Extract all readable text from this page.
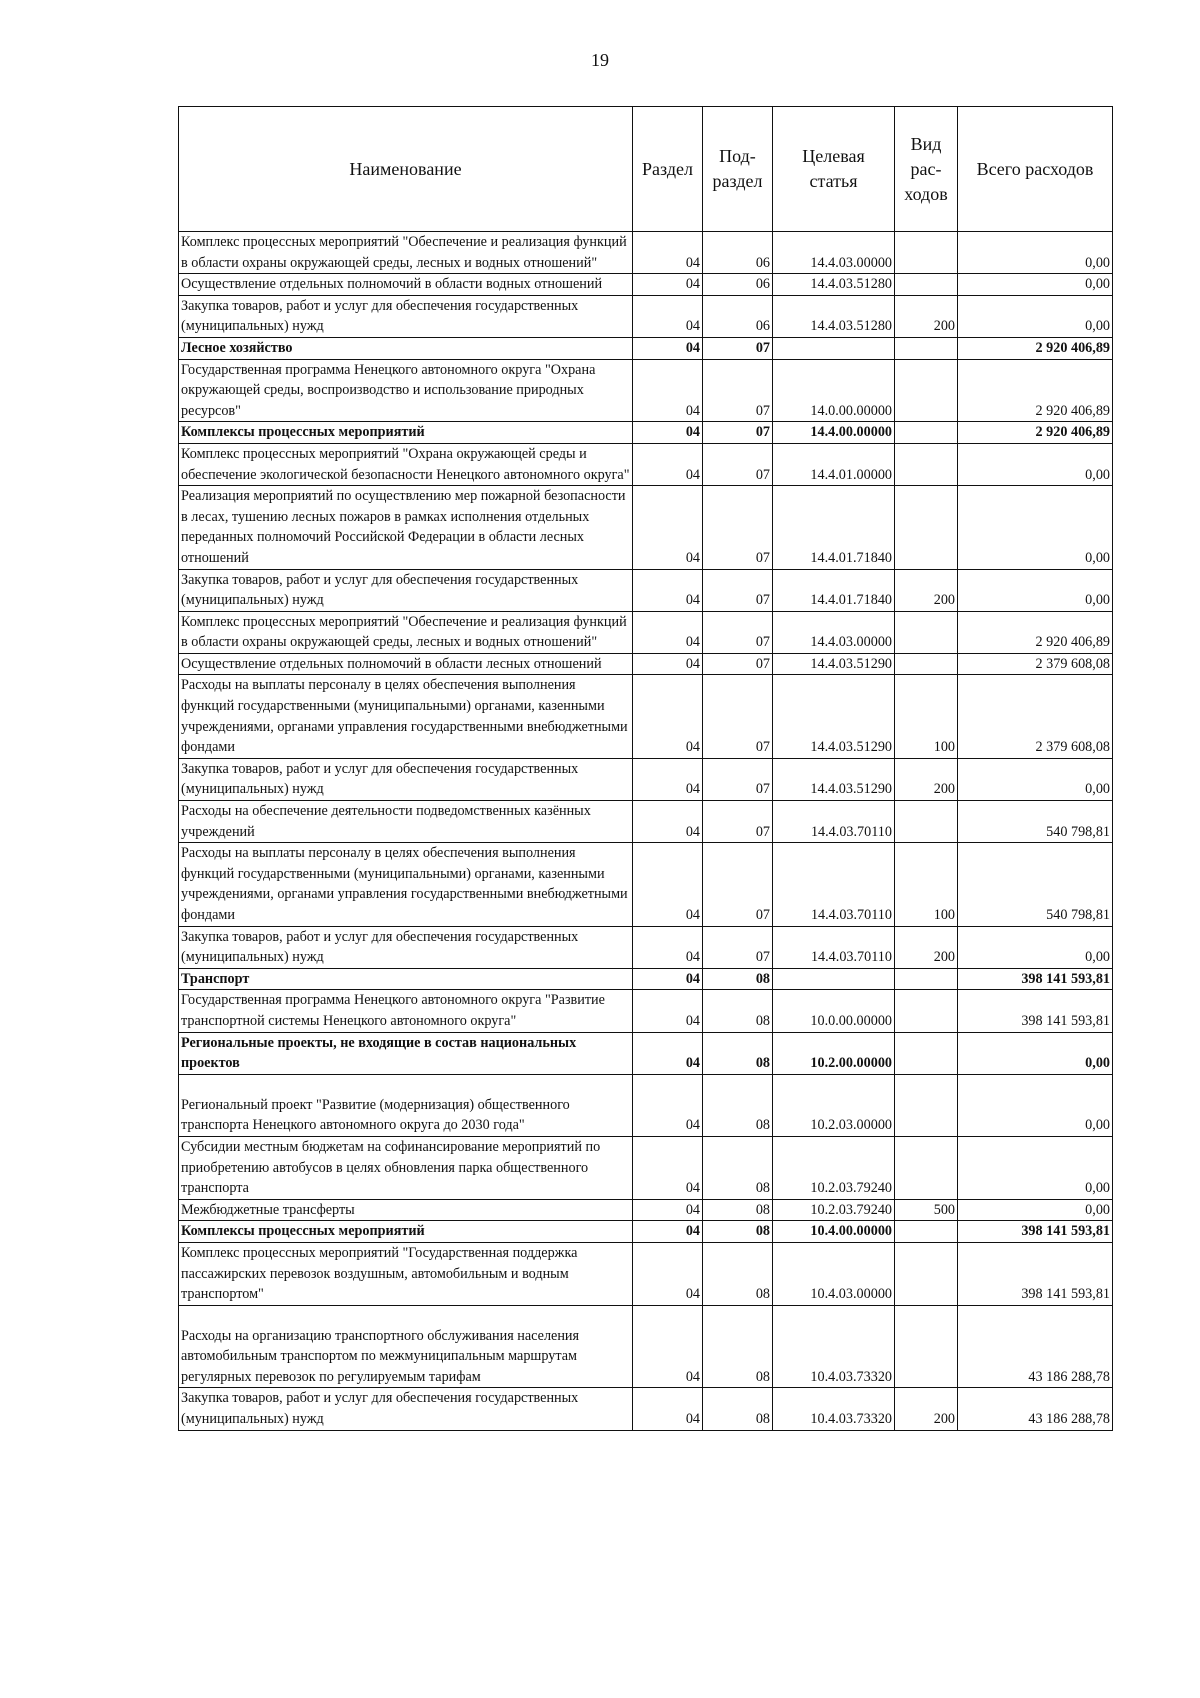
19
Наименование	Раздел	Под-раздел	Целевая статья	Вид рас-ходов	Всего расходов
Комплекс процессных мероприятий "Обеспечение и реализация функций в области охраны окружающей среды, лесных и водных отношений"	04	06	14.4.03.00000		0,00
Осуществление отдельных полномочий в области водных отношений	04	06	14.4.03.51280		0,00
Закупка товаров, работ и услуг для обеспечения государственных (муниципальных) нужд	04	06	14.4.03.51280	200	0,00
Лесное хозяйство	04	07			2 920 406,89
Государственная программа Ненецкого автономного округа "Охрана окружающей среды, воспроизводство и использование природных ресурсов"	04	07	14.0.00.00000		2 920 406,89
Комплексы процессных мероприятий	04	07	14.4.00.00000		2 920 406,89
Комплекс процессных мероприятий "Охрана окружающей среды и обеспечение экологической безопасности Ненецкого автономного округа"	04	07	14.4.01.00000		0,00
Реализация мероприятий по осуществлению мер пожарной безопасности в лесах, тушению лесных пожаров в рамках исполнения отдельных переданных полномочий Российской Федерации в области лесных отношений	04	07	14.4.01.71840		0,00
Закупка товаров, работ и услуг для обеспечения государственных (муниципальных) нужд	04	07	14.4.01.71840	200	0,00
Комплекс процессных мероприятий "Обеспечение и реализация функций в области охраны окружающей среды, лесных и водных отношений"	04	07	14.4.03.00000		2 920 406,89
Осуществление отдельных полномочий в области лесных отношений	04	07	14.4.03.51290		2 379 608,08
Расходы на выплаты персоналу в целях обеспечения выполнения функций государственными (муниципальными) органами, казенными учреждениями, органами управления государственными внебюджетными фондами	04	07	14.4.03.51290	100	2 379 608,08
Закупка товаров, работ и услуг для обеспечения государственных (муниципальных) нужд	04	07	14.4.03.51290	200	0,00
Расходы на обеспечение деятельности подведомственных казённых учреждений	04	07	14.4.03.70110		540 798,81
Расходы на выплаты персоналу в целях обеспечения выполнения функций государственными (муниципальными) органами, казенными учреждениями, органами управления государственными внебюджетными фондами	04	07	14.4.03.70110	100	540 798,81
Закупка товаров, работ и услуг для обеспечения государственных (муниципальных) нужд	04	07	14.4.03.70110	200	0,00
Транспорт	04	08			398 141 593,81
Государственная программа Ненецкого автономного округа "Развитие транспортной системы Ненецкого автономного округа"	04	08	10.0.00.00000		398 141 593,81
Региональные проекты, не входящие в состав национальных проектов	04	08	10.2.00.00000		0,00
Региональный проект "Развитие (модернизация) общественного транспорта Ненецкого автономного округа до 2030 года"	04	08	10.2.03.00000		0,00
Субсидии местным бюджетам на софинансирование мероприятий по приобретению автобусов в целях обновления парка общественного транспорта	04	08	10.2.03.79240		0,00
Межбюджетные трансферты	04	08	10.2.03.79240	500	0,00
Комплексы процессных мероприятий	04	08	10.4.00.00000		398 141 593,81
Комплекс процессных мероприятий "Государственная поддержка пассажирских перевозок воздушным, автомобильным и водным транспортом"	04	08	10.4.03.00000		398 141 593,81
Расходы на организацию транспортного обслуживания населения автомобильным транспортом по межмуниципальным маршрутам регулярных перевозок по регулируемым тарифам	04	08	10.4.03.73320		43 186 288,78
Закупка товаров, работ и услуг для обеспечения государственных (муниципальных) нужд	04	08	10.4.03.73320	200	43 186 288,78
